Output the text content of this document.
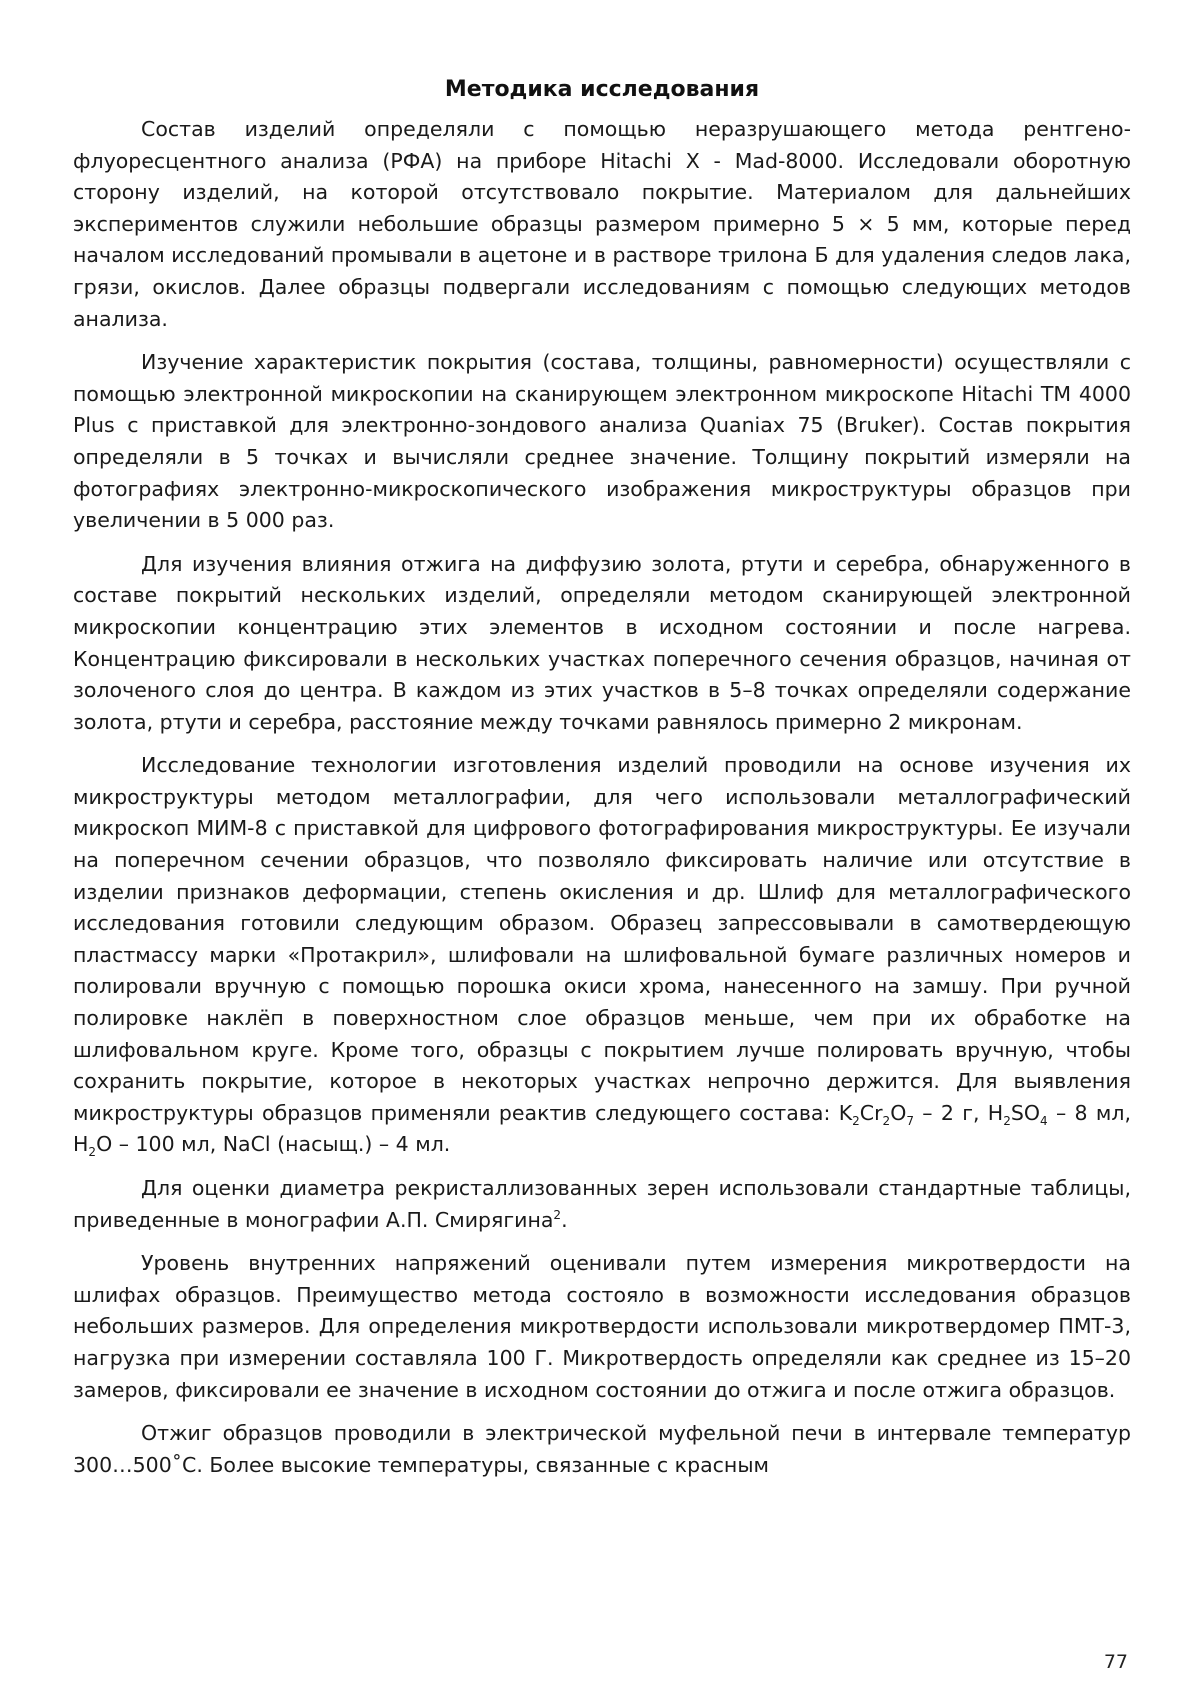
Методика исследования

Состав изделий определяли с помощью неразрушающего метода рентгено-флуоресцентного анализа (РФА) на приборе Hitachi X - Mad-8000. Исследовали оборотную сторону изделий, на которой отсутствовало покрытие. Материалом для дальнейших экспериментов служили небольшие образцы размером примерно 5 × 5 мм, которые перед началом исследований промывали в ацетоне и в растворе трилона Б для удаления следов лака, грязи, окислов. Далее образцы подвергали исследованиям с помощью следующих методов анализа.

Изучение характеристик покрытия (состава, толщины, равномерности) осуществляли с помощью электронной микроскопии на сканирующем электронном микроскопе Hitachi TM 4000 Plus с приставкой для электронно-зондового анализа Quaniax 75 (Bruker). Состав покрытия определяли в 5 точках и вычисляли среднее значение. Толщину покрытий измеряли на фотографиях электронно-микроскопического изображения микроструктуры образцов при увеличении в 5 000 раз.

Для изучения влияния отжига на диффузию золота, ртути и серебра, обнаруженного в составе покрытий нескольких изделий, определяли методом сканирующей электронной микроскопии концентрацию этих элементов в исходном состоянии и после нагрева. Концентрацию фиксировали в нескольких участках поперечного сечения образцов, начиная от золоченого слоя до центра. В каждом из этих участков в 5–8 точках определяли содержание золота, ртути и серебра, расстояние между точками равнялось примерно 2 микронам.

Исследование технологии изготовления изделий проводили на основе изучения их микроструктуры методом металлографии, для чего использовали металлографический микроскоп МИМ-8 с приставкой для цифрового фотографирования микроструктуры. Ее изучали на поперечном сечении образцов, что позволяло фиксировать наличие или отсутствие в изделии признаков деформации, степень окисления и др. Шлиф для металлографического исследования готовили следующим образом. Образец запрессовывали в самотвердеющую пластмассу марки «Протакрил», шлифовали на шлифовальной бумаге различных номеров и полировали вручную с помощью порошка окиси хрома, нанесенного на замшу. При ручной полировке наклёп в поверхностном слое образцов меньше, чем при их обработке на шлифовальном круге. Кроме того, образцы с покрытием лучше полировать вручную, чтобы сохранить покрытие, которое в некоторых участках непрочно держится. Для выявления микроструктуры образцов применяли реактив следующего состава: $K_2Cr_2O_7 - 2$ г, $H_2SO_4 - 8$ мл, $H_2O - 100$ мл, NaCl (насыщ.) – 4 мл.

Для оценки диаметра рекристаллизованных зерен использовали стандартные таблицы, приведенные в монографии А.П. Смирягина$^2$.

Уровень внутренних напряжений оценивали путем измерения микротвердости на шлифах образцов. Преимущество метода состояло в возможности исследования образцов небольших размеров. Для определения микротвердости использовали микротвердомер ПМТ-3, нагрузка при измерении составляла 100 Г. Микротвердость определяли как среднее из 15–20 замеров, фиксировали ее значение в исходном состоянии до отжига и после отжига образцов.

Отжиг образцов проводили в электрической муфельной печи в интервале температур 300…500˚С. Более высокие температуры, связанные с красным

77
